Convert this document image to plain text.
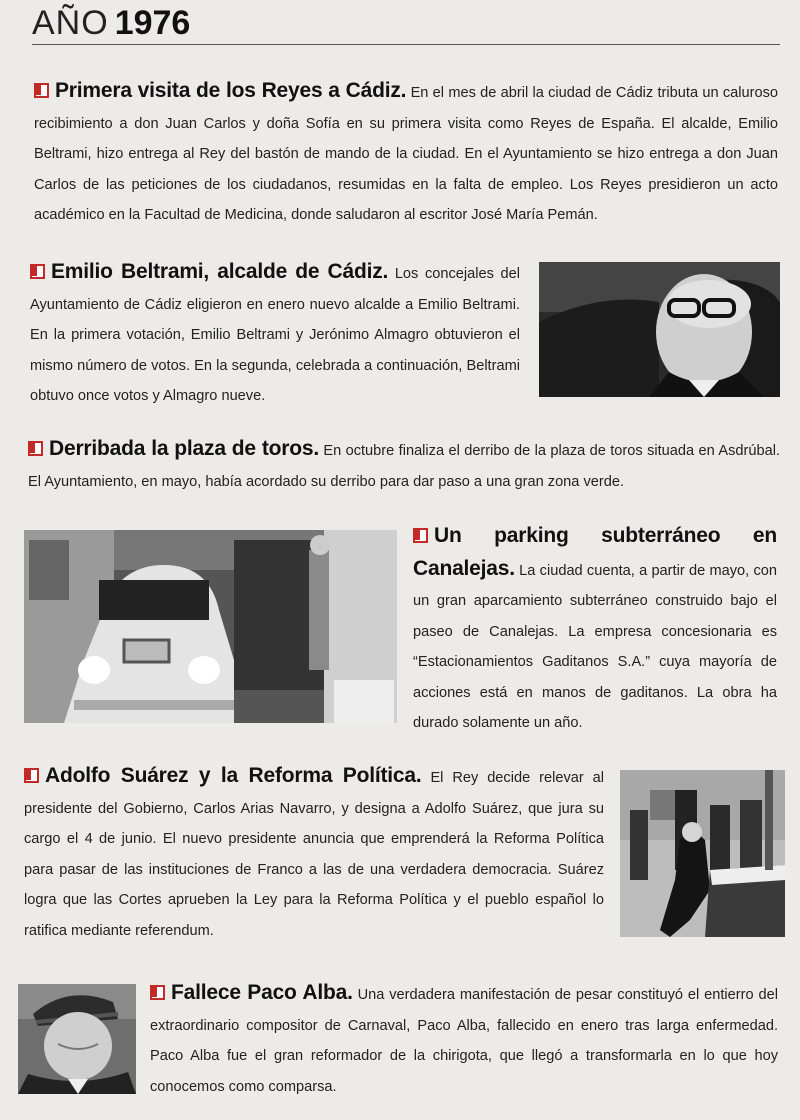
AÑO 1976
Primera visita de los Reyes a Cádiz. En el mes de abril la ciudad de Cádiz tributa un caluroso recibimiento a don Juan Carlos y doña Sofía en su primera visita como Reyes de España. El alcalde, Emilio Beltrami, hizo entrega al Rey del bastón de mando de la ciudad. En el Ayuntamiento se hizo entrega a don Juan Carlos de las peticiones de los ciudadanos, resumidas en la falta de empleo. Los Reyes presidieron un acto académico en la Facultad de Medicina, donde saludaron al escritor José María Pemán.
Emilio Beltrami, alcalde de Cádiz. Los concejales del Ayuntamiento de Cádiz eligieron en enero nuevo alcalde a Emilio Beltrami. En la primera votación, Emilio Beltrami y Jerónimo Almagro obtuvieron el mismo número de votos. En la segunda, celebrada a continuación, Beltrami obtuvo once votos y Almagro nueve.
Derribada la plaza de toros. En octubre finaliza el derribo de la plaza de toros situada en Asdrúbal. El Ayuntamiento, en mayo, había acordado su derribo para dar paso a una gran zona verde.
Un parking subterráneo en Canalejas. La ciudad cuenta, a partir de mayo, con un gran aparcamiento subterráneo construido bajo el paseo de Canalejas. La empresa concesionaria es “Estacionamientos Gaditanos S.A.” cuya mayoría de acciones está en manos de gaditanos. La obra ha durado solamente un año.
Adolfo Suárez y la Reforma Política. El Rey decide relevar al presidente del Gobierno, Carlos Arias Navarro, y designa a Adolfo Suárez, que jura su cargo el 4 de junio. El nuevo presidente anuncia que emprenderá la Reforma Política para pasar de las instituciones de Franco a las de una verdadera democracia. Suárez logra que las Cortes aprueben la Ley para la Reforma Política y el pueblo español lo ratifica mediante referendum.
Fallece Paco Alba. Una verdadera manifestación de pesar constituyó el entierro del extraordinario compositor de Carnaval, Paco Alba, fallecido en enero tras larga enfermedad. Paco Alba fue el gran reformador de la chirigota, que llegó a transformarla en lo que hoy conocemos como comparsa.
